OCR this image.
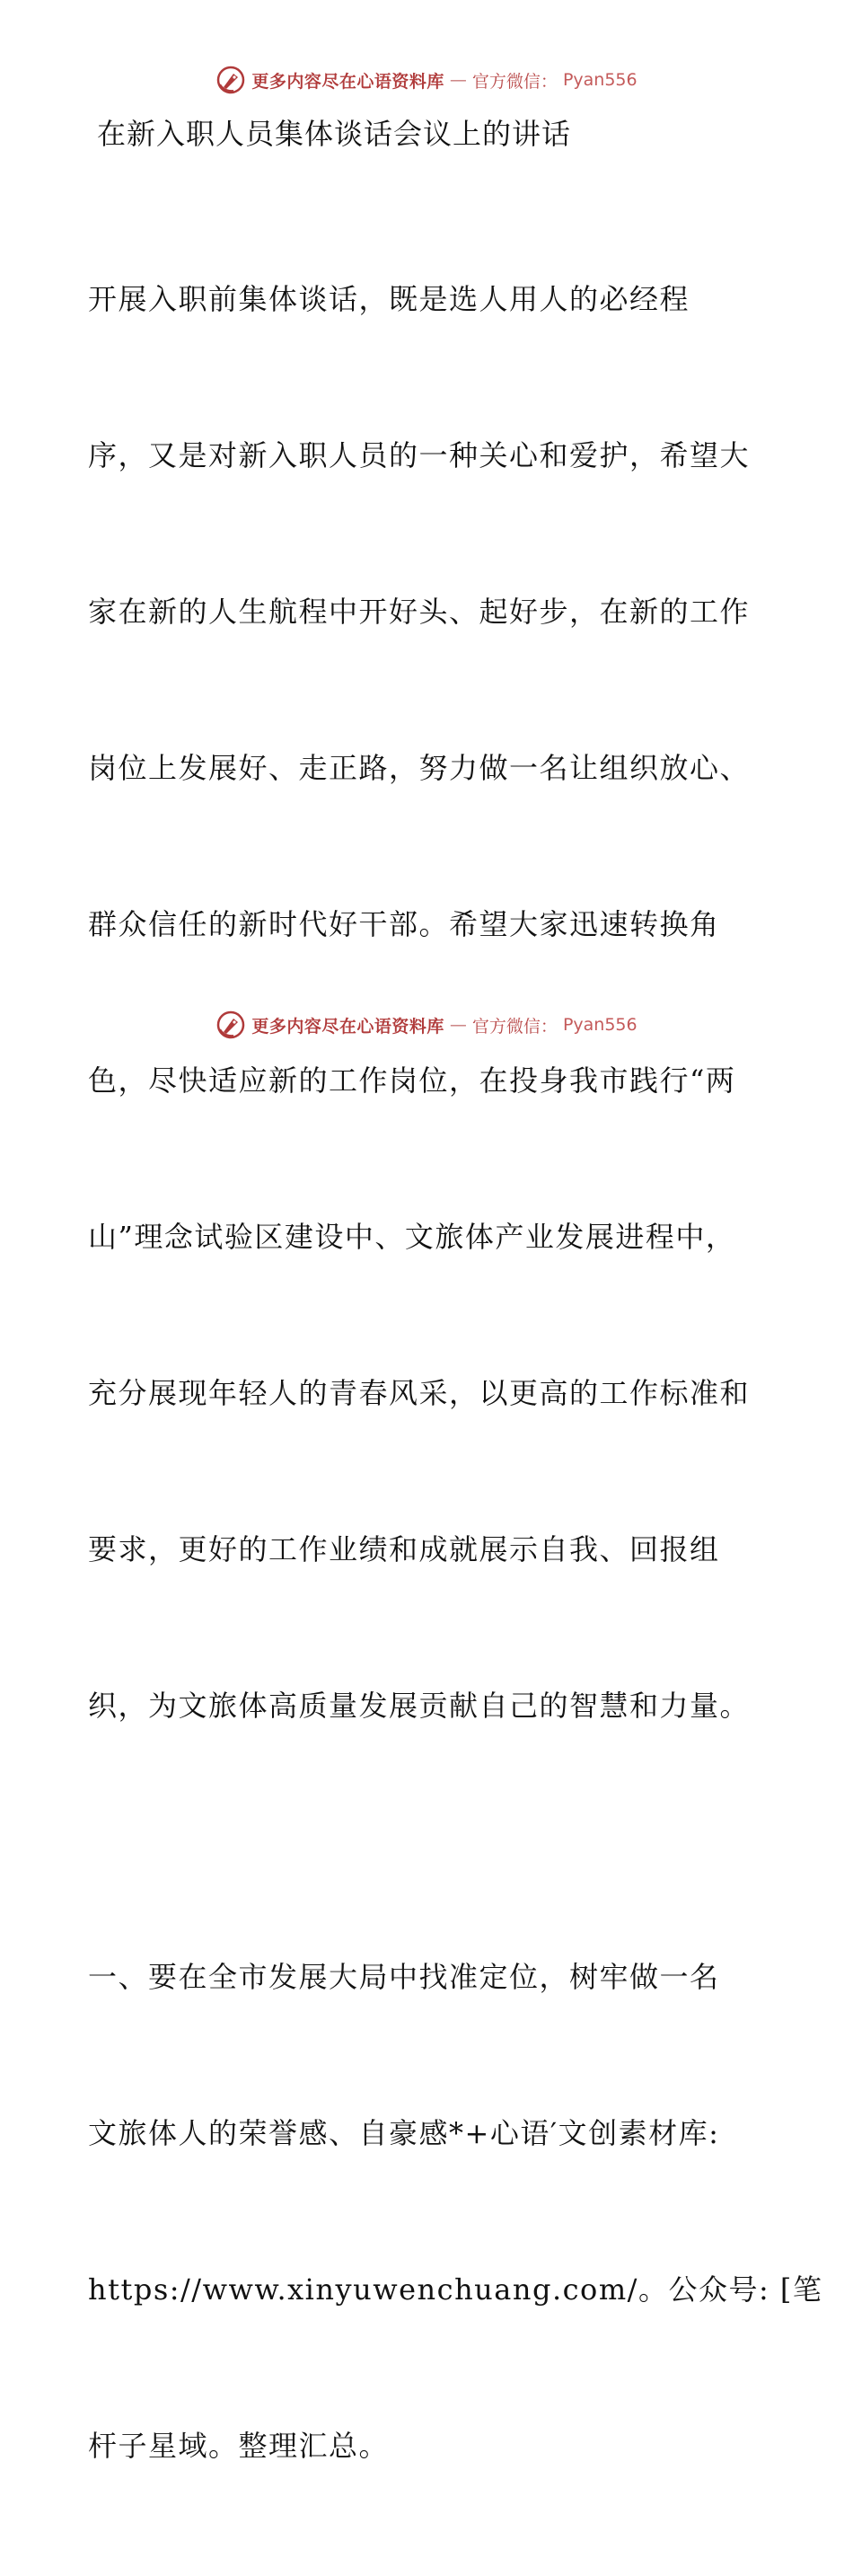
更多内容尽在心语资料库 — 官方微信： Pyan556
在新入职人员集体谈话会议上的讲话

开展入职前集体谈话，既是选人用人的必经程

序，又是对新入职人员的一种关心和爱护，希望大

家在新的人生航程中开好头、起好步，在新的工作

岗位上发展好、走正路，努力做一名让组织放心、

群众信任的新时代好干部。希望大家迅速转换角

色，尽快适应新的工作岗位，在投身我市践行“两

山”理念试验区建设中、文旅体产业发展进程中，

充分展现年轻人的青春风采，以更高的工作标准和

要求，更好的工作业绩和成就展示自我、回报组

织，为文旅体高质量发展贡献自己的智慧和力量。

一、要在全市发展大局中找准定位，树牢做一名

文旅体人的荣誉感、自豪感*+心语′文创素材库:

https://www.xinyuwenchuang.com/。公众号: [笔

杆子星域。整理汇总。

更多内容尽在心语资料库 — 官方微信： Pyan556
